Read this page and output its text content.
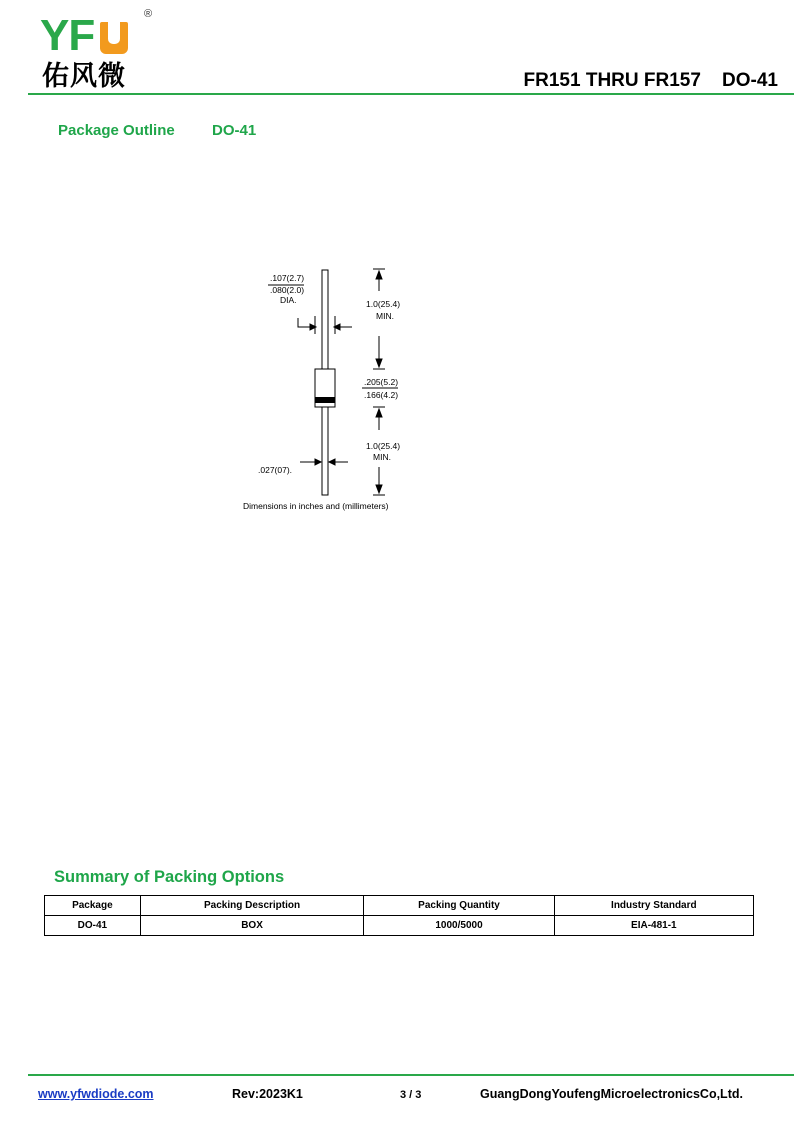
YF	®
佑风微	FR151 THRU FR157    DO-41
Package Outline DO-41
.107(2.7)
.080(2.0)
DIA.	1.0(25.4)
MIN.
.205(5.2)
.166(4.2)
1.0(25.4)
MIN.
.027(07).
Dimensions in inches and (millimeters)
Summary of Packing Options
Package	Packing Description	Packing Quantity	Industry Standard
DO-41	BOX	1000/5000	EIA-481-1
www.yfwdiode.com	Rev:2023K1	3 / 3	GuangDongYoufengMicroelectronicsCo,Ltd.
